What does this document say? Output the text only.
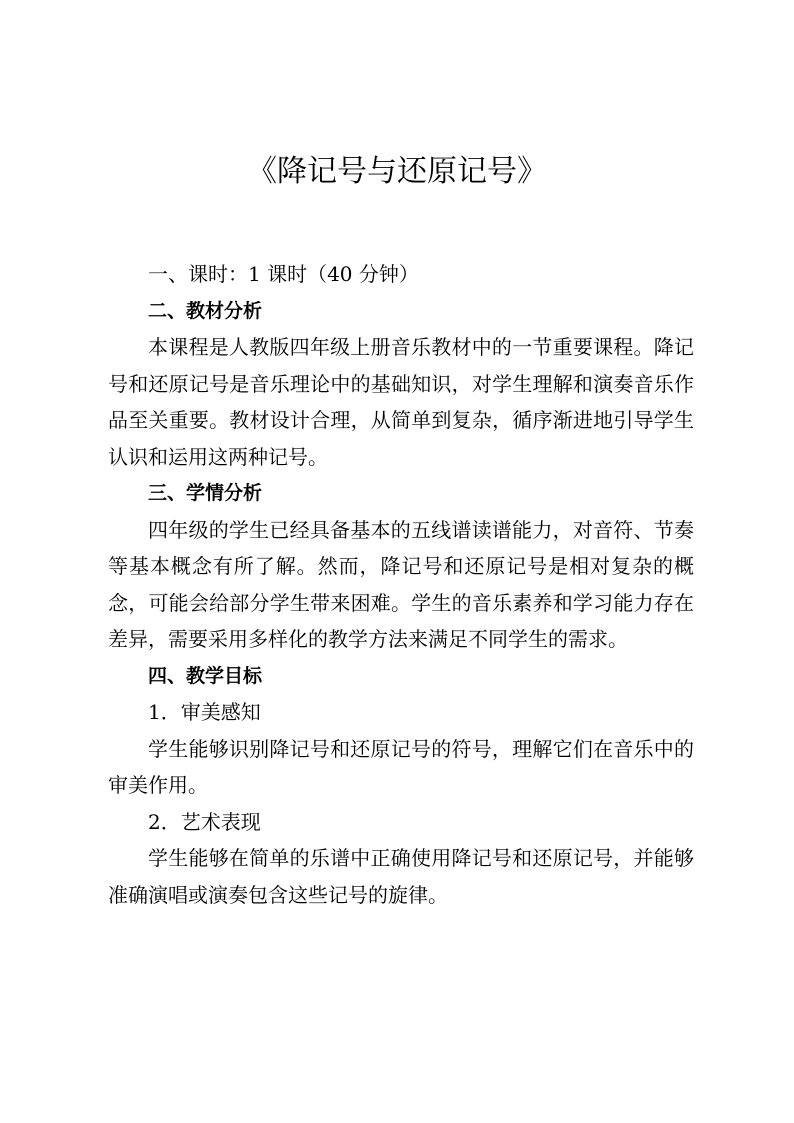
《降记号与还原记号》

一、课时：1 课时（40 分钟）

二、教材分析

本课程是人教版四年级上册音乐教材中的一节重要课程。降记号和还原记号是音乐理论中的基础知识，对学生理解和演奏音乐作品至关重要。教材设计合理，从简单到复杂，循序渐进地引导学生认识和运用这两种记号。

三、学情分析

四年级的学生已经具备基本的五线谱读谱能力，对音符、节奏等基本概念有所了解。然而，降记号和还原记号是相对复杂的概念，可能会给部分学生带来困难。学生的音乐素养和学习能力存在差异，需要采用多样化的教学方法来满足不同学生的需求。

四、教学目标

1．审美感知

学生能够识别降记号和还原记号的符号，理解它们在音乐中的审美作用。

2．艺术表现

学生能够在简单的乐谱中正确使用降记号和还原记号，并能够准确演唱或演奏包含这些记号的旋律。
